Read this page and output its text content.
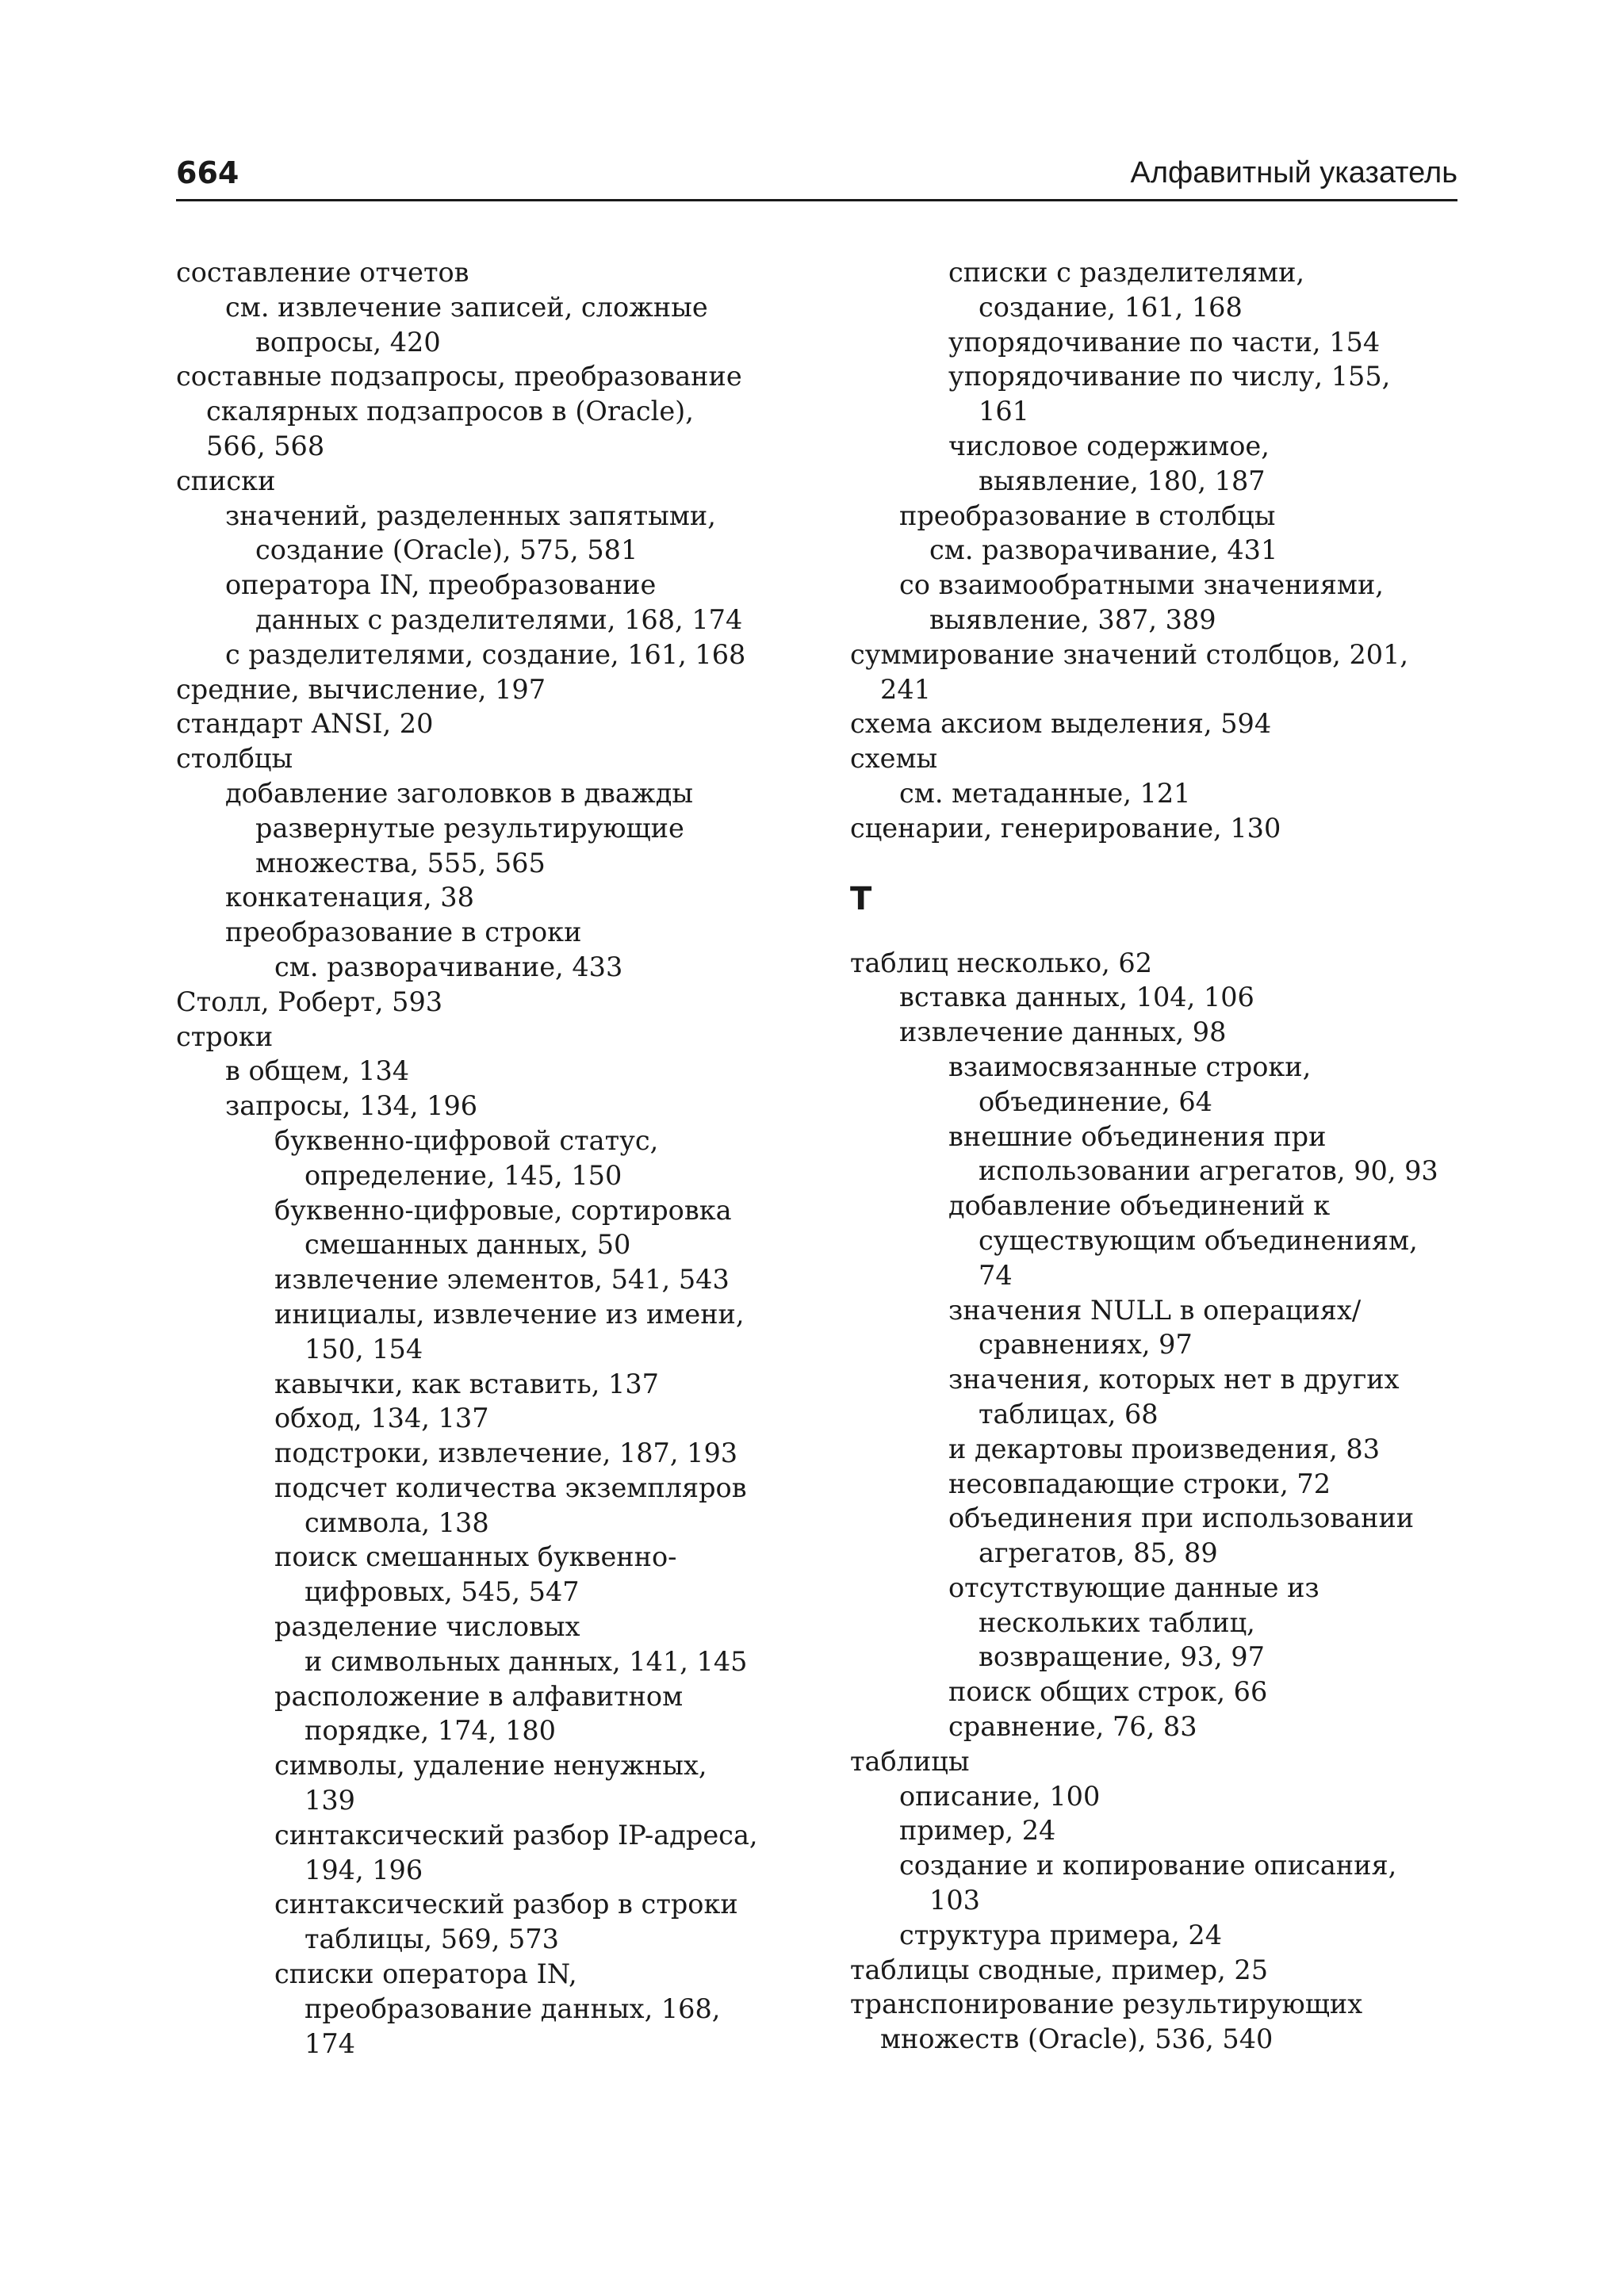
664	Алфавитный указатель
составление отчетов
см. извлечение записей, сложные
вопросы, 420
составные подзапросы, преобразование
скалярных подзапросов в (Oracle),
566, 568
списки
значений, разделенных запятыми,
создание (Oracle), 575, 581
оператора IN, преобразование
данных с разделителями, 168, 174
с разделителями, создание, 161, 168
средние, вычисление, 197
стандарт ANSI, 20
столбцы
добавление заголовков в дважды
развернутые результирующие
множества, 555, 565
конкатенация, 38
преобразование в строки
см. разворачивание, 433
Столл, Роберт, 593
строки
в общем, 134
запросы, 134, 196
буквенно-цифровой статус,
определение, 145, 150
буквенно-цифровые, сортировка
смешанных данных, 50
извлечение элементов, 541, 543
инициалы, извлечение из имени,
150, 154
кавычки, как вставить, 137
обход, 134, 137
подстроки, извлечение, 187, 193
подсчет количества экземпляров
символа, 138
поиск смешанных буквенно-
цифровых, 545, 547
разделение числовых
и символьных данных, 141, 145
расположение в алфавитном
порядке, 174, 180
символы, удаление ненужных,
139
синтаксический разбор IP-адреса,
194, 196
синтаксический разбор в строки
таблицы, 569, 573
списки оператора IN,
преобразование данных, 168,
174
списки с разделителями,
создание, 161, 168
упорядочивание по части, 154
упорядочивание по числу, 155,
161
числовое содержимое,
выявление, 180, 187
преобразование в столбцы
см. разворачивание, 431
со взаимообратными значениями,
выявление, 387, 389
суммирование значений столбцов, 201,
241
схема аксиом выделения, 594
схемы
см. метаданные, 121
сценарии, генерирование, 130
Т
таблиц несколько, 62
вставка данных, 104, 106
извлечение данных, 98
взаимосвязанные строки,
объединение, 64
внешние объединения при
использовании агрегатов, 90, 93
добавление объединений к
существующим объединениям,
74
значения NULL в операциях/
сравнениях, 97
значения, которых нет в других
таблицах, 68
и декартовы произведения, 83
несовпадающие строки, 72
объединения при использовании
агрегатов, 85, 89
отсутствующие данные из
нескольких таблиц,
возвращение, 93, 97
поиск общих строк, 66
сравнение, 76, 83
таблицы
описание, 100
пример, 24
создание и копирование описания,
103
структура примера, 24
таблицы сводные, пример, 25
транспонирование результирующих
множеств (Oracle), 536, 540
